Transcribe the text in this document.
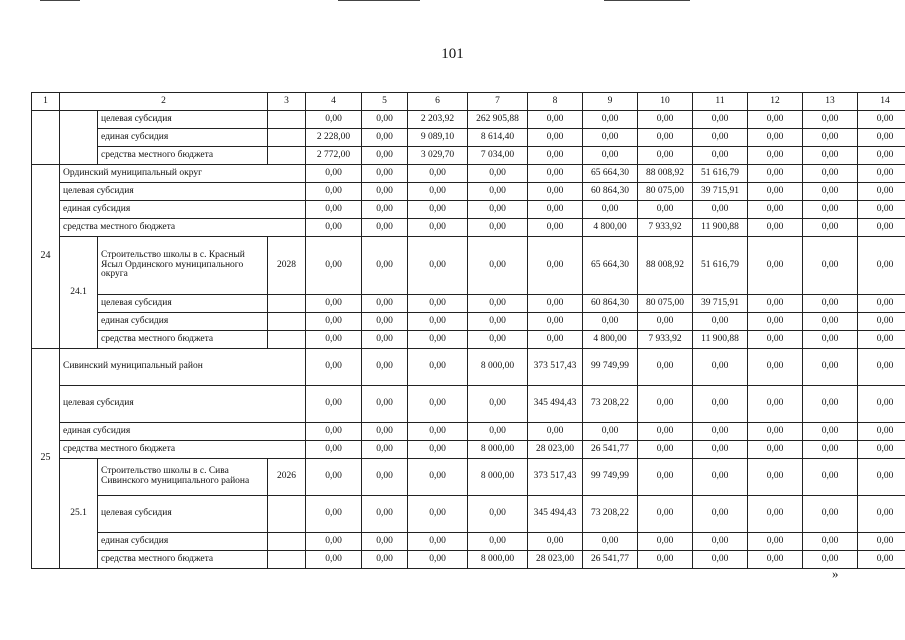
101
1	2		3	4	5	6	7	8	9	10	11	12	13	14
		целевая субсидия		0,00	0,00	2 203,92	262 905,88	0,00	0,00	0,00	0,00	0,00	0,00	0,00
		единая субсидия		2 228,00	0,00	9 089,10	8 614,40	0,00	0,00	0,00	0,00	0,00	0,00	0,00
		средства местного бюджета		2 772,00	0,00	3 029,70	7 034,00	0,00	0,00	0,00	0,00	0,00	0,00	0,00
24	Ординский муниципальный округ			0,00	0,00	0,00	0,00	0,00	65 664,30	88 008,92	51 616,79	0,00	0,00	0,00
	целевая субсидия			0,00	0,00	0,00	0,00	0,00	60 864,30	80 075,00	39 715,91	0,00	0,00	0,00
	единая субсидия			0,00	0,00	0,00	0,00	0,00	0,00	0,00	0,00	0,00	0,00	0,00
	средства местного бюджета			0,00	0,00	0,00	0,00	0,00	4 800,00	7 933,92	11 900,88	0,00	0,00	0,00
	24.1	Строительство школы в с. Красный Ясыл Ординского муниципального округа	2028	0,00	0,00	0,00	0,00	0,00	65 664,30	88 008,92	51 616,79	0,00	0,00	0,00
		целевая субсидия		0,00	0,00	0,00	0,00	0,00	60 864,30	80 075,00	39 715,91	0,00	0,00	0,00
		единая субсидия		0,00	0,00	0,00	0,00	0,00	0,00	0,00	0,00	0,00	0,00	0,00
		средства местного бюджета		0,00	0,00	0,00	0,00	0,00	4 800,00	7 933,92	11 900,88	0,00	0,00	0,00
25	Сивинский муниципальный район			0,00	0,00	0,00	8 000,00	373 517,43	99 749,99	0,00	0,00	0,00	0,00	0,00
	целевая субсидия			0,00	0,00	0,00	0,00	345 494,43	73 208,22	0,00	0,00	0,00	0,00	0,00
	единая субсидия			0,00	0,00	0,00	0,00	0,00	0,00	0,00	0,00	0,00	0,00	0,00
	средства местного бюджета			0,00	0,00	0,00	8 000,00	28 023,00	26 541,77	0,00	0,00	0,00	0,00	0,00
	25.1	Строительство школы в с. Сива Сивинского муниципального района	2026	0,00	0,00	0,00	8 000,00	373 517,43	99 749,99	0,00	0,00	0,00	0,00	0,00
		целевая субсидия		0,00	0,00	0,00	0,00	345 494,43	73 208,22	0,00	0,00	0,00	0,00	0,00
		единая субсидия		0,00	0,00	0,00	0,00	0,00	0,00	0,00	0,00	0,00	0,00	0,00
		средства местного бюджета		0,00	0,00	0,00	8 000,00	28 023,00	26 541,77	0,00	0,00	0,00	0,00	0,00
»
